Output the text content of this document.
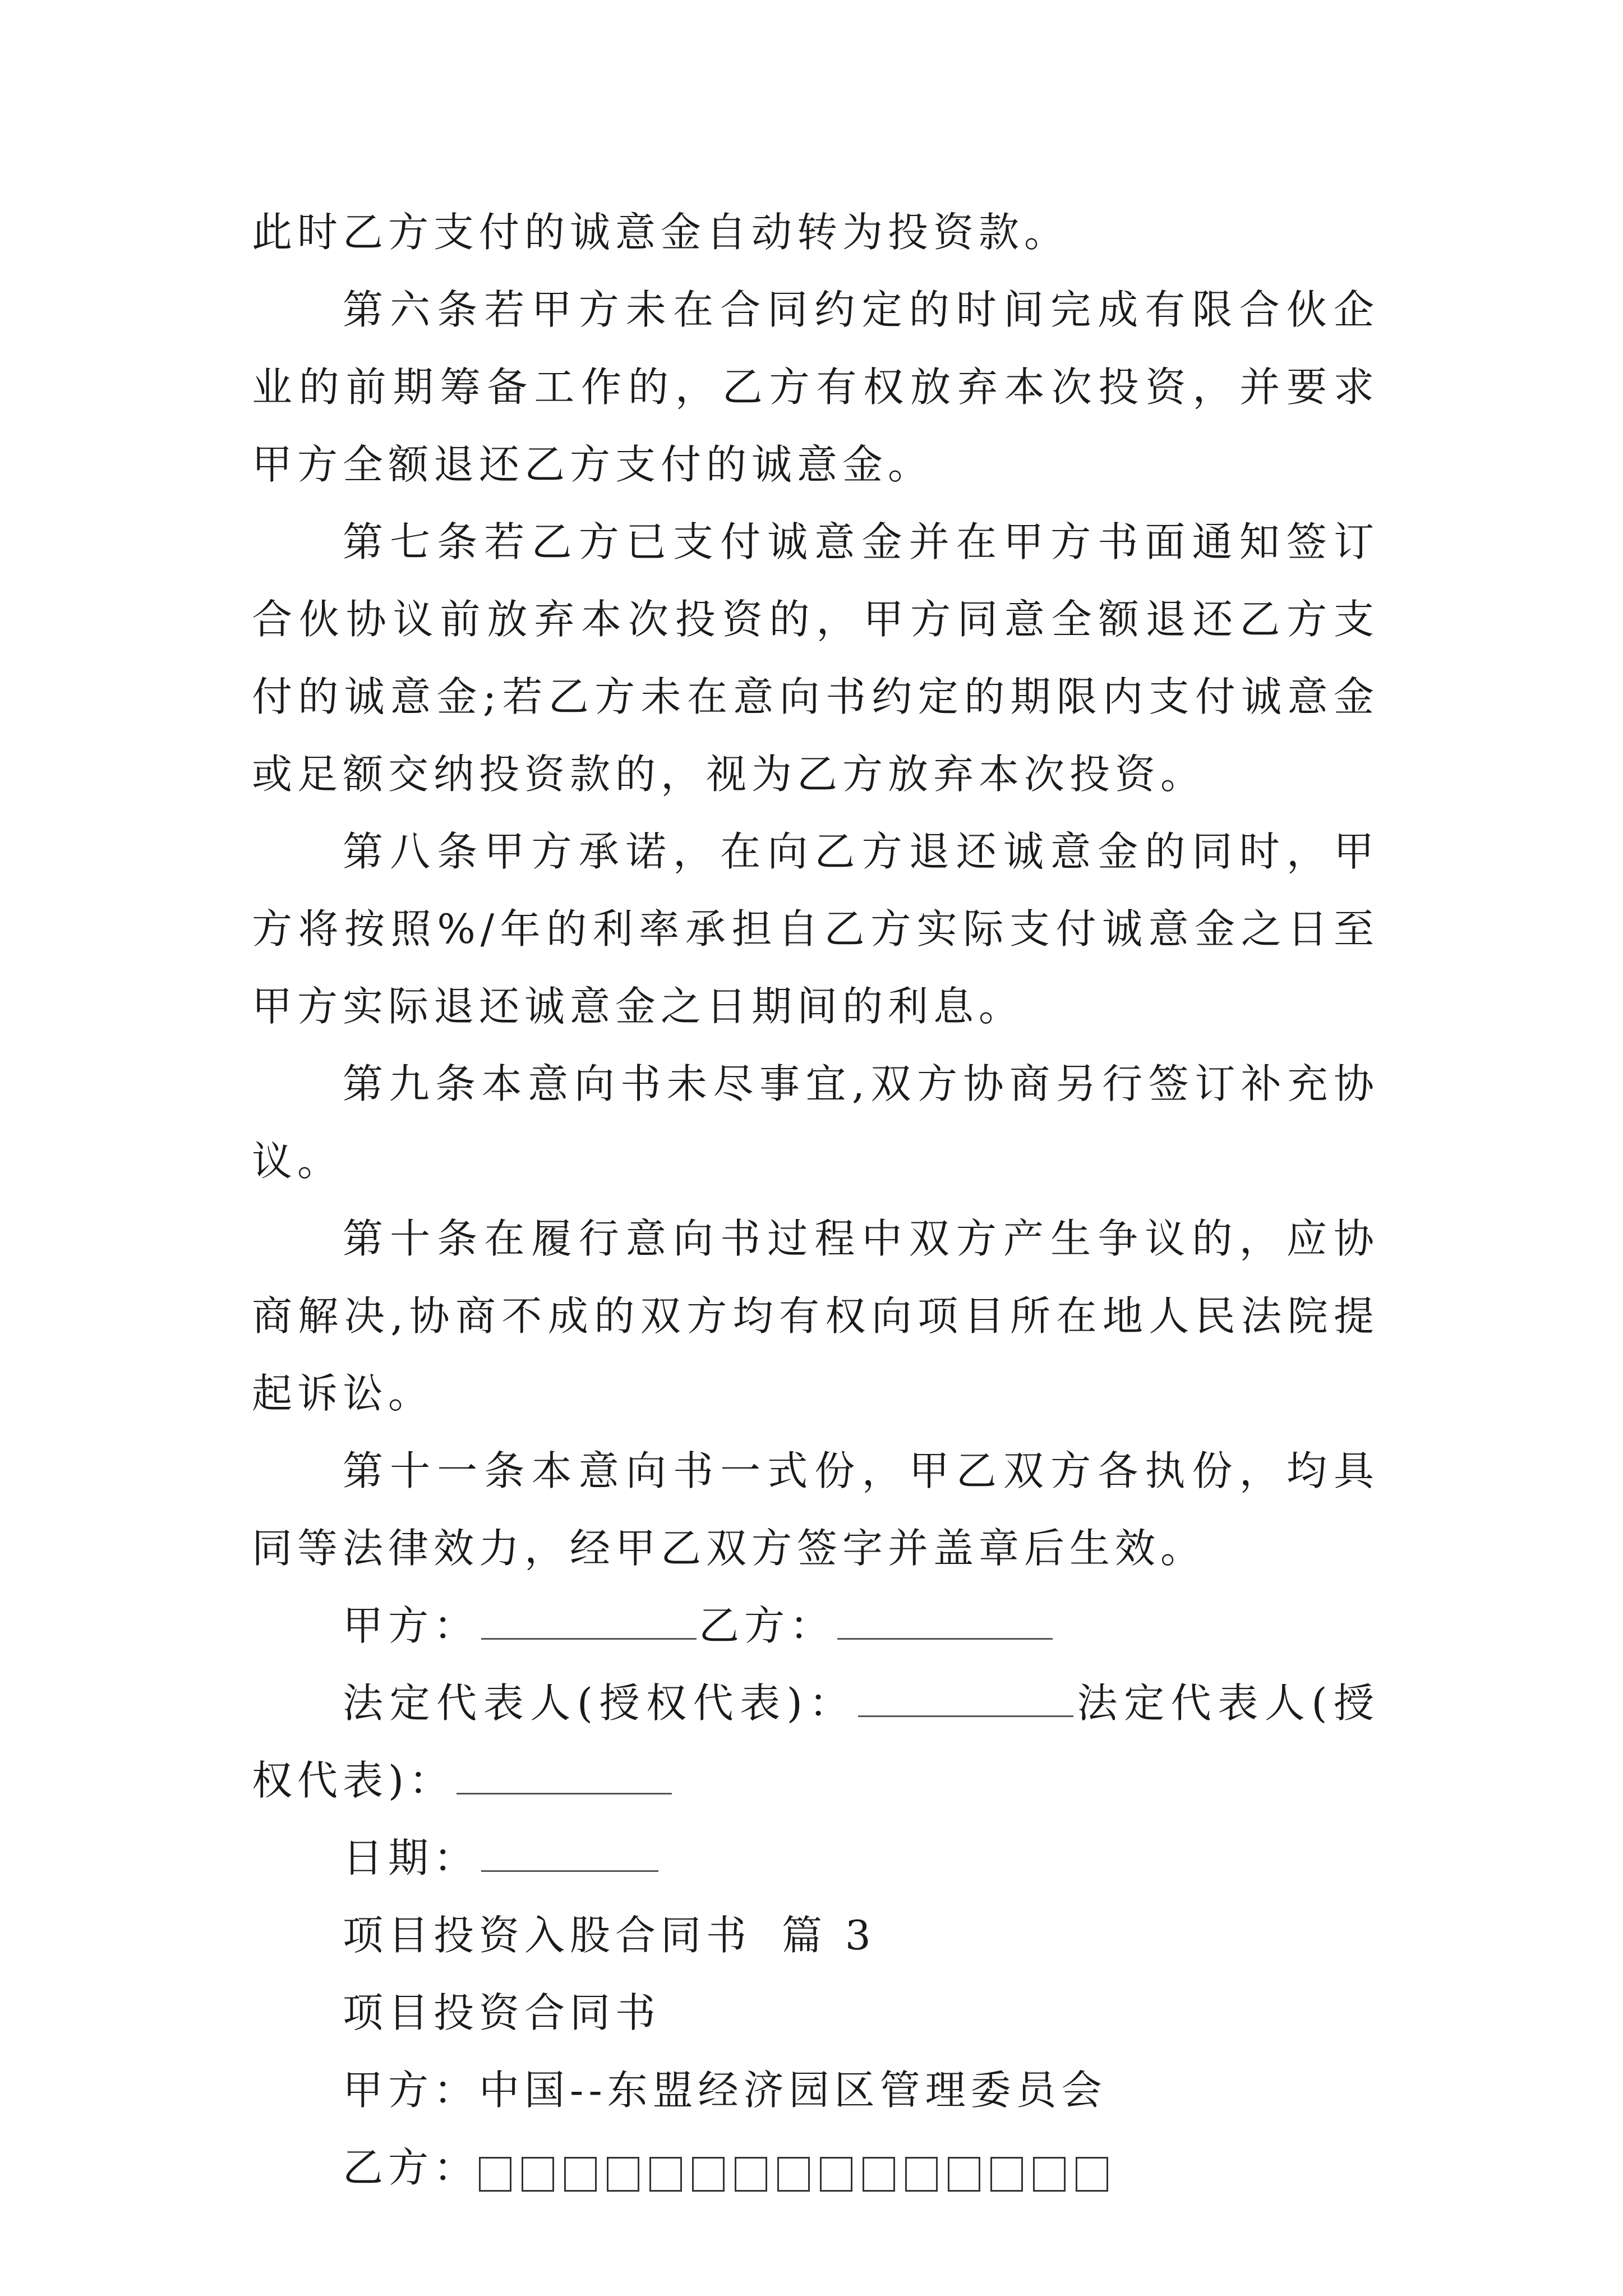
此时乙方支付的诚意金自动转为投资款。

第六条若甲方未在合同约定的时间完成有限合伙企业的前期筹备工作的，乙方有权放弃本次投资，并要求甲方全额退还乙方支付的诚意金。

第七条若乙方已支付诚意金并在甲方书面通知签订合伙协议前放弃本次投资的，甲方同意全额退还乙方支付的诚意金;若乙方未在意向书约定的期限内支付诚意金或足额交纳投资款的，视为乙方放弃本次投资。

第八条甲方承诺，在向乙方退还诚意金的同时，甲方将按照%/年的利率承担自乙方实际支付诚意金之日至甲方实际退还诚意金之日期间的利息。

第九条本意向书未尽事宜,双方协商另行签订补充协议。

第十条在履行意向书过程中双方产生争议的，应协商解决,协商不成的双方均有权向项目所在地人民法院提起诉讼。

第十一条本意向书一式份，甲乙双方各执份，均具同等法律效力，经甲乙双方签字并盖章后生效。

甲方：	乙方：

法定代表人(授权代表)：	法定代表人(授权代表)：

日期：
项目投资入股合同书 篇 3
项目投资合同书
甲方：中国--东盟经济园区管理委员会
乙方：
